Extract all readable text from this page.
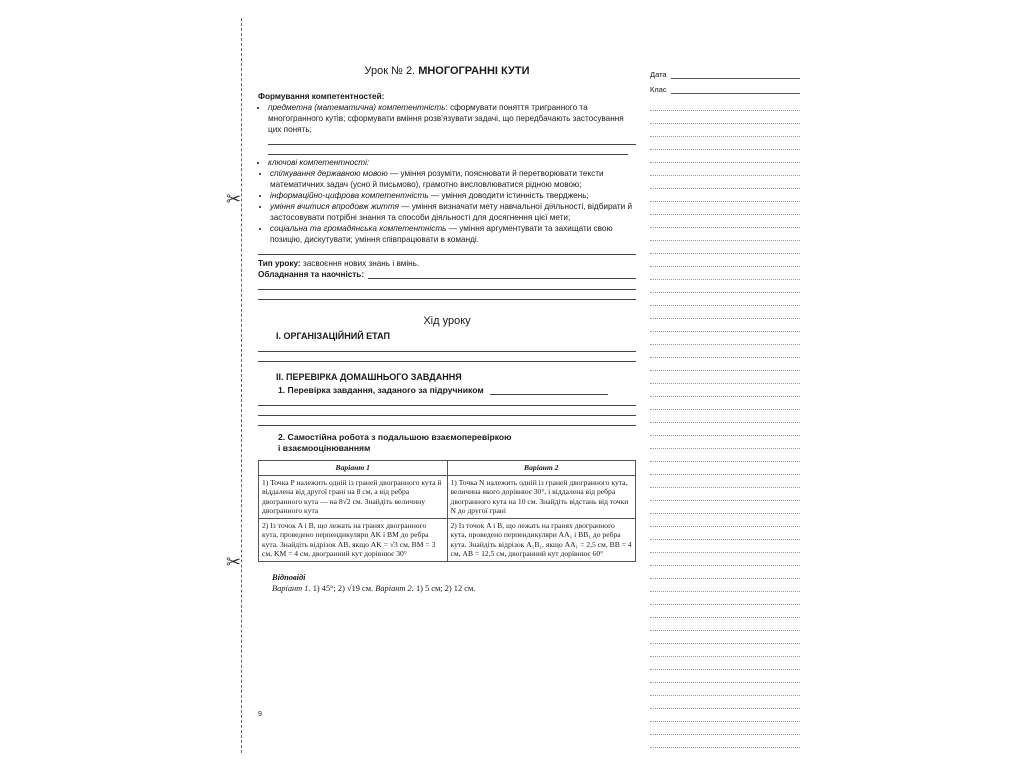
✂
✂
Урок № 2. МНОГОГРАННІ КУТИ
Формування компетентностей:
• предметна (математична) компетентність: сформувати поняття тригранного та многогранного кутів; сформувати вміння розв’язувати задачі, що передбачають застосування цих понять;
• ключові компетентності:
• спілкування державною мовою — уміння розуміти, пояснювати й перетворювати тексти математичних задач (усно й письмово), грамотно висловлюватися рідною мовою;
• інформаційно-цифрова компетентність — уміння доводити істинність тверджень;
• уміння вчитися впродовж життя — уміння визначати мету навчальної діяльності, відбирати й застосовувати потрібні знання та способи діяльності для досягнення цієї мети;
• соціальна та громадянська компетентність — уміння аргументувати та захищати свою позицію, дискутувати; уміння співпрацювати в команді.
Тип уроку: засвоєння нових знань і вмінь.
Обладнання та наочність:
Хід уроку
І. ОРГАНІЗАЦІЙНИЙ ЕТАП
ІІ. ПЕРЕВІРКА ДОМАШНЬОГО ЗАВДАННЯ
1. Перевірка завдання, заданого за підручником
2. Самостійна робота з подальшою взаємоперевіркою
і взаємооцінюванням
Варіант 1	Варіант 2
1) Точка P належить одній із граней двогранного кута й віддалена від другої грані на 8 см, а від ребра двогранного кута — на 8√2 см. Знайдіть величину двогранного кута	1) Точка N належить одній із граней двогранного кута, величина якого дорівнює 30°, і віддалена від ребра двогранного кута на 10 см. Знайдіть відстань від точки N до другої грані
2) Із точок A і B, що лежать на гранях двогранного кута, проведено перпендикуляри AK і BM до ребра кута. Знайдіть відрізок AB, якщо AK = √3 см, BM = 3 см, KM = 4 см, двогранний кут дорівнює 30°	2) Із точок A і B, що лежать на гранях двогранного кута, проведено перпендикуляри AA₁ і BB₁ до ребра кута. Знайдіть відрізок A₁B₁, якщо AA₁ = 2,5 см, BB = 4 см, AB = 12,5 см, двогранний кут дорівнює 60°
Відповіді
Варіант 1. 1) 45°; 2) √19 см. Варіант 2. 1) 5 см; 2) 12 см.
9
Дата
Клас
